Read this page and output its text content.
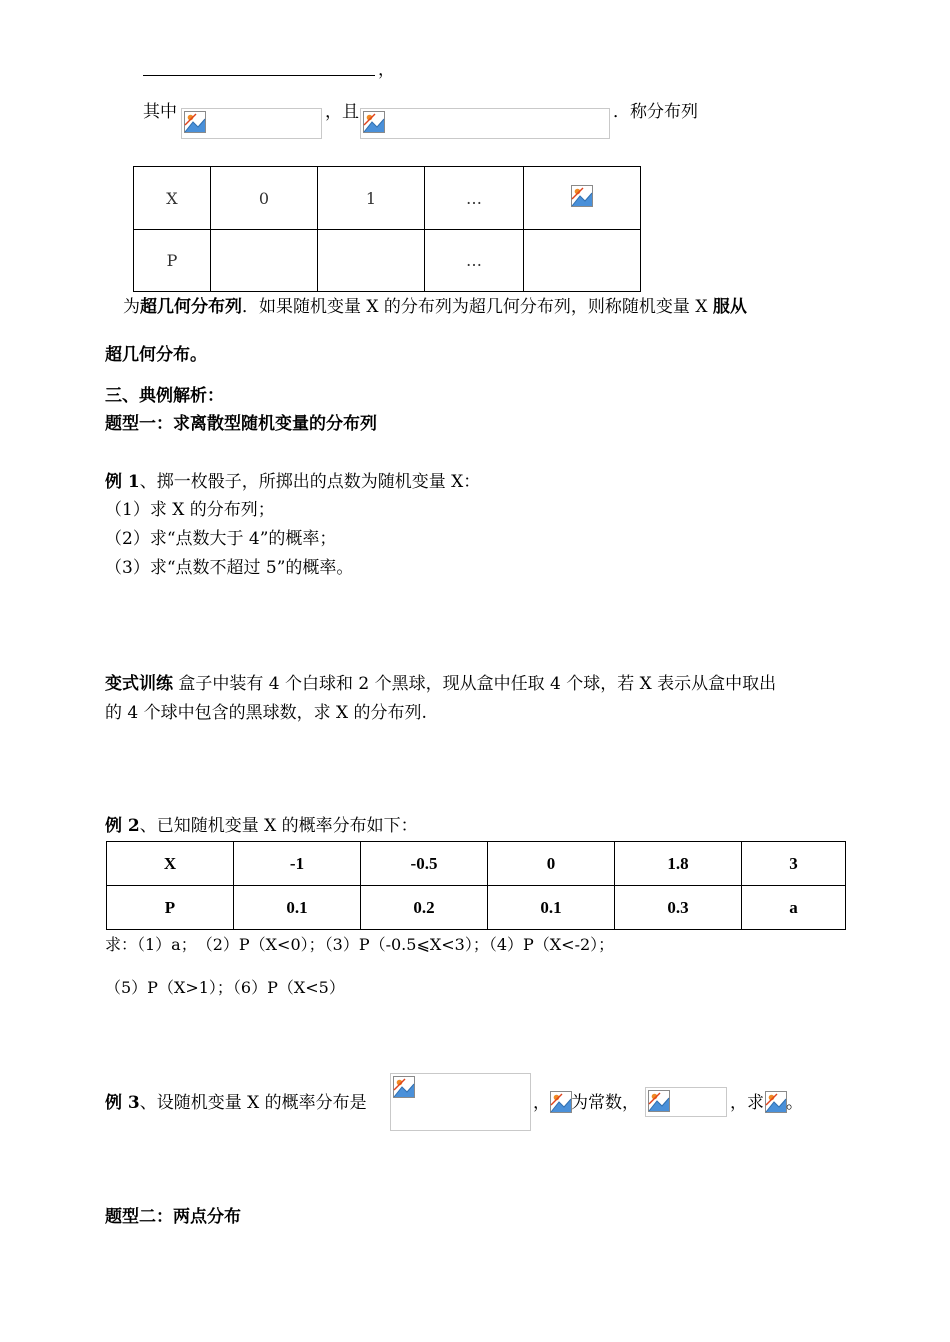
，
其中	，且	．称分布列
X	0	1	…	
P			…	
为超几何分布列．如果随机变量 X 的分布列为超几何分布列，则称随机变量 X 服从
超几何分布。
三、典例解析：
题型一：求离散型随机变量的分布列
例 1、掷一枚骰子，所掷出的点数为随机变量 X：
（1）求 X 的分布列；
（2）求“点数大于 4”的概率；
（3）求“点数不超过 5”的概率。
变式训练 盒子中装有 4 个白球和 2 个黑球，现从盒中任取 4 个球，若 X 表示从盒中取出
的 4 个球中包含的黑球数，求 X 的分布列.
例 2、已知随机变量 X 的概率分布如下：
X	-1	-0.5	0	1.8	3
P	0.1	0.2	0.1	0.3	a
求：（1）a；　（2）P（X<0）；（3）P（-0.5⩽X<3）；（4）P（X<-2）；
（5）P（X>1）；（6）P（X<5）
例 3、设随机变量 X 的概率分布是	， 为常数，	，求 。
题型二：两点分布
